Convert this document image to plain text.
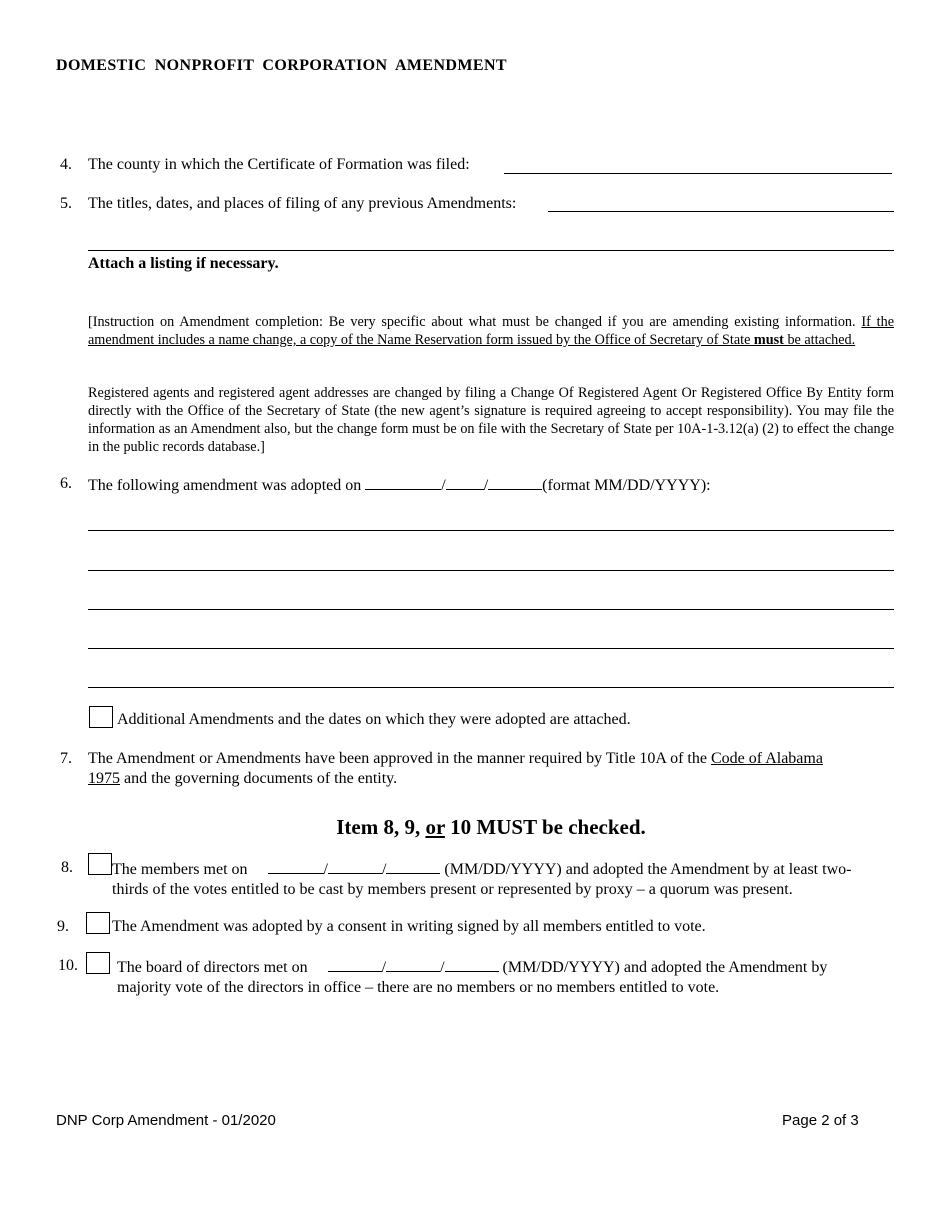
DOMESTIC NONPROFIT CORPORATION AMENDMENT
4. The county in which the Certificate of Formation was filed:
5. The titles, dates, and places of filing of any previous Amendments:
Attach a listing if necessary.
[Instruction on Amendment completion: Be very specific about what must be changed if you are amending existing information. If the amendment includes a name change, a copy of the Name Reservation form issued by the Office of Secretary of State must be attached.
Registered agents and registered agent addresses are changed by filing a Change Of Registered Agent Or Registered Office By Entity form directly with the Office of the Secretary of State (the new agent’s signature is required agreeing to accept responsibility). You may file the information as an Amendment also, but the change form must be on file with the Secretary of State per 10A-1-3.12(a) (2) to effect the change in the public records database.]
6. The following amendment was adopted on	/ /	(format MM/DD/YYYY):
Additional Amendments and the dates on which they were adopted are attached.
7. The Amendment or Amendments have been approved in the manner required by Title 10A of the Code of Alabama
1975 and the governing documents of the entity.
Item 8, 9, or 10 MUST be checked.
8. The members met on	/	/	(MM/DD/YYYY) and adopted the Amendment by at least two-
thirds of the votes entitled to be cast by members present or represented by proxy – a quorum was present.
9.	The Amendment was adopted by a consent in writing signed by all members entitled to vote.
10. The board of directors met on	/	/	(MM/DD/YYYY) and adopted the Amendment by
majority vote of the directors in office – there are no members or no members entitled to vote.
DNP Corp Amendment - 01/2020	Page 2 of 3
